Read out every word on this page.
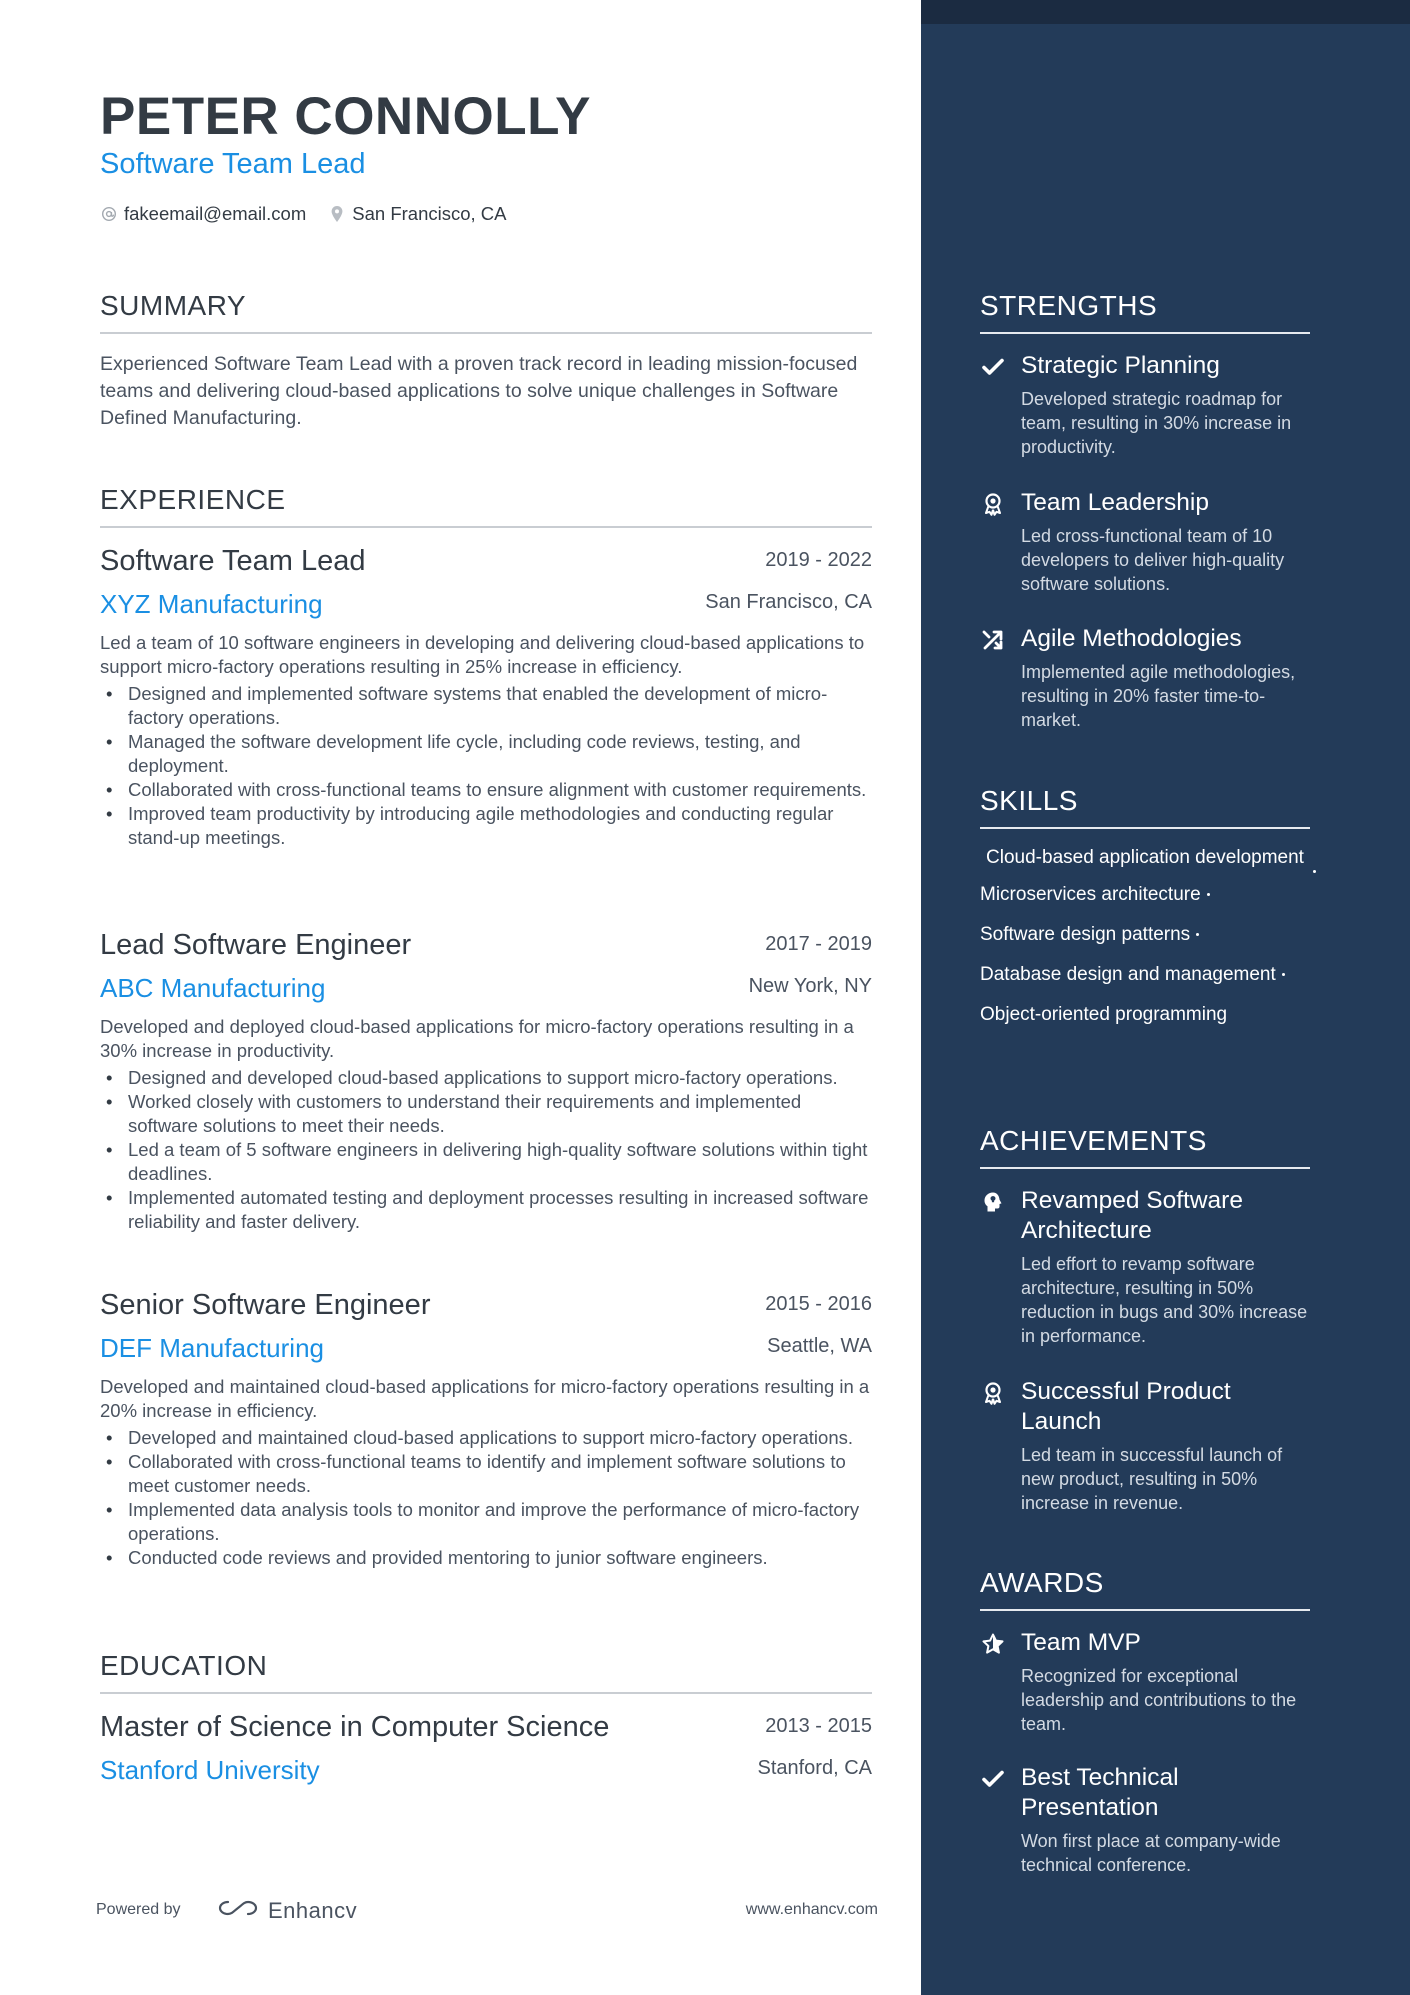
PETER CONNOLLY
Software Team Lead
fakeemail@email.com San Francisco, CA
SUMMARY
Experienced Software Team Lead with a proven track record in leading mission-focused teams and delivering cloud-based applications to solve unique challenges in Software Defined Manufacturing.
EXPERIENCE
Software Team Lead	2019 - 2022
XYZ Manufacturing	San Francisco, CA
Led a team of 10 software engineers in developing and delivering cloud-based applications to support micro-factory operations resulting in 25% increase in efficiency.
• Designed and implemented software systems that enabled the development of micro-factory operations.
• Managed the software development life cycle, including code reviews, testing, and deployment.
• Collaborated with cross-functional teams to ensure alignment with customer requirements.
• Improved team productivity by introducing agile methodologies and conducting regular stand-up meetings.
Lead Software Engineer	2017 - 2019
ABC Manufacturing	New York, NY
Developed and deployed cloud-based applications for micro-factory operations resulting in a 30% increase in productivity.
• Designed and developed cloud-based applications to support micro-factory operations.
• Worked closely with customers to understand their requirements and implemented software solutions to meet their needs.
• Led a team of 5 software engineers in delivering high-quality software solutions within tight deadlines.
• Implemented automated testing and deployment processes resulting in increased software reliability and faster delivery.
Senior Software Engineer	2015 - 2016
DEF Manufacturing	Seattle, WA
Developed and maintained cloud-based applications for micro-factory operations resulting in a 20% increase in efficiency.
• Developed and maintained cloud-based applications to support micro-factory operations.
• Collaborated with cross-functional teams to identify and implement software solutions to meet customer needs.
• Implemented data analysis tools to monitor and improve the performance of micro-factory operations.
• Conducted code reviews and provided mentoring to junior software engineers.
EDUCATION
Master of Science in Computer Science	2013 - 2015
Stanford University	Stanford, CA
Powered by	Enhancv	www.enhancv.com
STRENGTHS
Strategic Planning
Developed strategic roadmap for team, resulting in 30% increase in productivity.
Team Leadership
Led cross-functional team of 10 developers to deliver high-quality software solutions.
Agile Methodologies
Implemented agile methodologies, resulting in 20% faster time-to-market.
SKILLS
Cloud-based application development
Microservices architecture
Software design patterns
Database design and management
Object-oriented programming
ACHIEVEMENTS
Revamped Software Architecture
Led effort to revamp software architecture, resulting in 50% reduction in bugs and 30% increase in performance.
Successful Product Launch
Led team in successful launch of new product, resulting in 50% increase in revenue.
AWARDS
Team MVP
Recognized for exceptional leadership and contributions to the team.
Best Technical Presentation
Won first place at company-wide technical conference.
